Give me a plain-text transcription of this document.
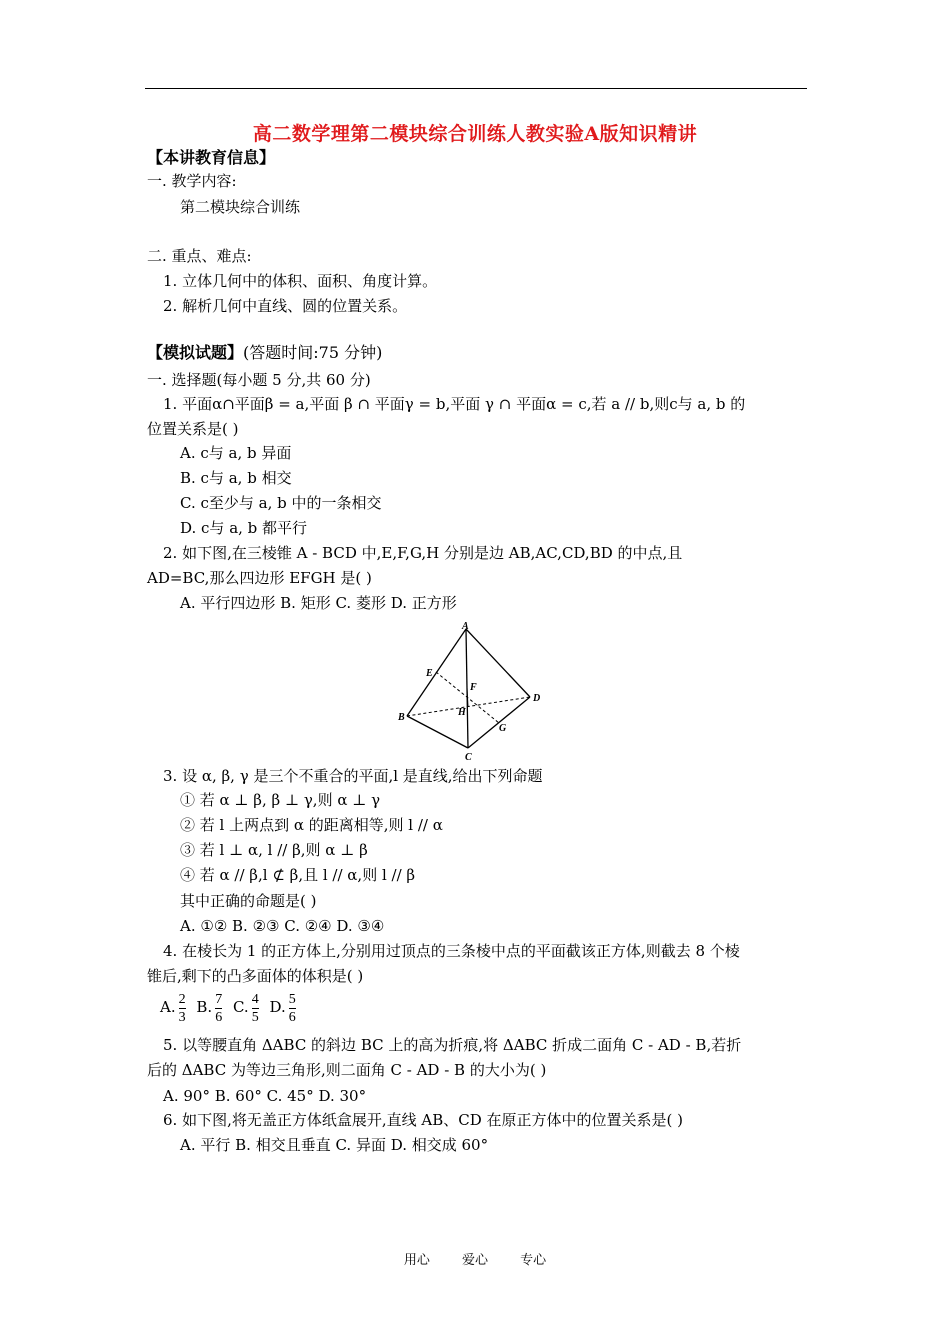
高二数学理第二模块综合训练人教实验A版知识精讲
【本讲教育信息】
一. 教学内容:
第二模块综合训练
二. 重点、难点:
1. 立体几何中的体积、面积、角度计算。
2. 解析几何中直线、圆的位置关系。
【模拟试题】(答题时间:75 分钟)
一. 选择题(每小题 5 分,共 60 分)
1. 平面α∩平面β = a,平面 β ∩ 平面γ = b,平面 γ ∩ 平面α = c,若 a // b,则c与 a, b 的
位置关系是( )
A. c与 a, b 异面
B. c与 a, b 相交
C. c至少与 a, b 中的一条相交
D. c与 a, b 都平行
2. 如下图,在三棱锥 A - BCD 中,E,F,G,H 分别是边 AB,AC,CD,BD 的中点,且
AD=BC,那么四边形 EFGH 是( )
A. 平行四边形 B. 矩形 C. 菱形 D. 正方形
A
B
C
D
E
F
G
H
3. 设 α, β, γ 是三个不重合的平面,l 是直线,给出下列命题
① 若 α ⊥ β, β ⊥ γ,则 α ⊥ γ
② 若 l 上两点到 α 的距离相等,则 l // α
③ 若 l ⊥ α, l // β,则 α ⊥ β
④ 若 α // β,l ⊄ β,且 l // α,则 l // β
其中正确的命题是( )
A. ①② B. ②③ C. ②④ D. ③④
4. 在棱长为 1 的正方体上,分别用过顶点的三条棱中点的平面截该正方体,则截去 8 个棱
锥后,剩下的凸多面体的体积是( )
A. $\frac{2}{3} B$. $\frac{7}{6} C$. $\frac{4}{5} D$. $\frac{5}{6}$
5. 以等腰直角 ΔABC 的斜边 BC 上的高为折痕,将 ΔABC 折成二面角 C - AD - B,若折
后的 ΔABC 为等边三角形,则二面角 C - AD - B 的大小为( )
A. 90° B. 60° C. 45° D. 30°
6. 如下图,将无盖正方体纸盒展开,直线 AB、CD 在原正方体中的位置关系是( )
A. 平行 B. 相交且垂直 C. 异面 D. 相交成 60°
用心 爱心 专心
